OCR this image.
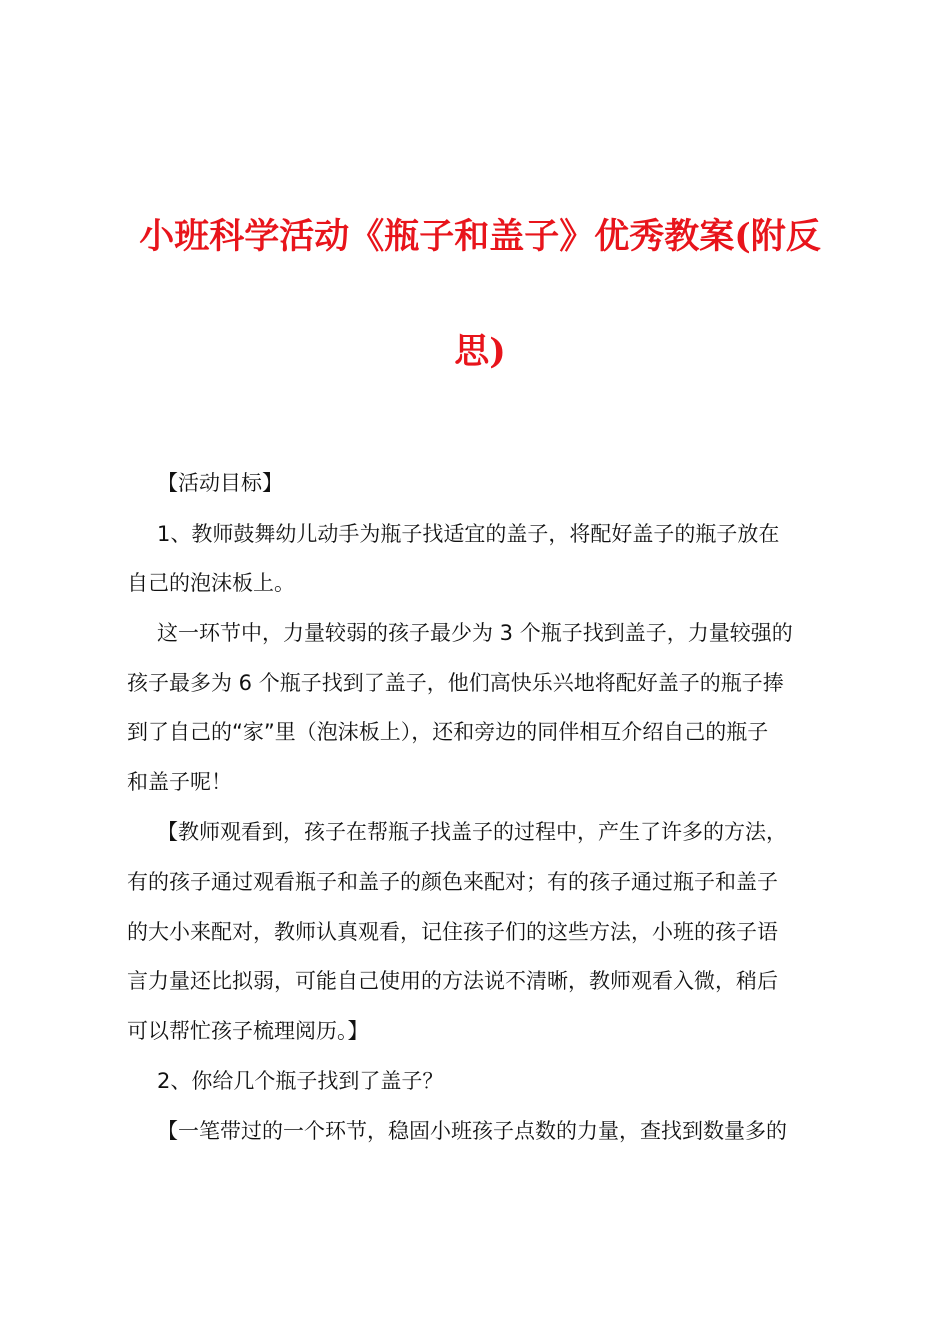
小班科学活动《瓶子和盖子》优秀教案(附反
思)
【活动目标】
1、教师鼓舞幼儿动手为瓶子找适宜的盖子，将配好盖子的瓶子放在
自己的泡沫板上。
这一环节中，力量较弱的孩子最少为 3 个瓶子找到盖子，力量较强的
孩子最多为 6 个瓶子找到了盖子，他们高快乐兴地将配好盖子的瓶子捧
到了自己的“家”里（泡沫板上），还和旁边的同伴相互介绍自己的瓶子
和盖子呢！
【教师观看到，孩子在帮瓶子找盖子的过程中，产生了许多的方法，
有的孩子通过观看瓶子和盖子的颜色来配对；有的孩子通过瓶子和盖子
的大小来配对，教师认真观看，记住孩子们的这些方法，小班的孩子语
言力量还比拟弱，可能自己使用的方法说不清晰，教师观看入微，稍后
可以帮忙孩子梳理阅历。】
2、你给几个瓶子找到了盖子？
【一笔带过的一个环节，稳固小班孩子点数的力量，查找到数量多的
